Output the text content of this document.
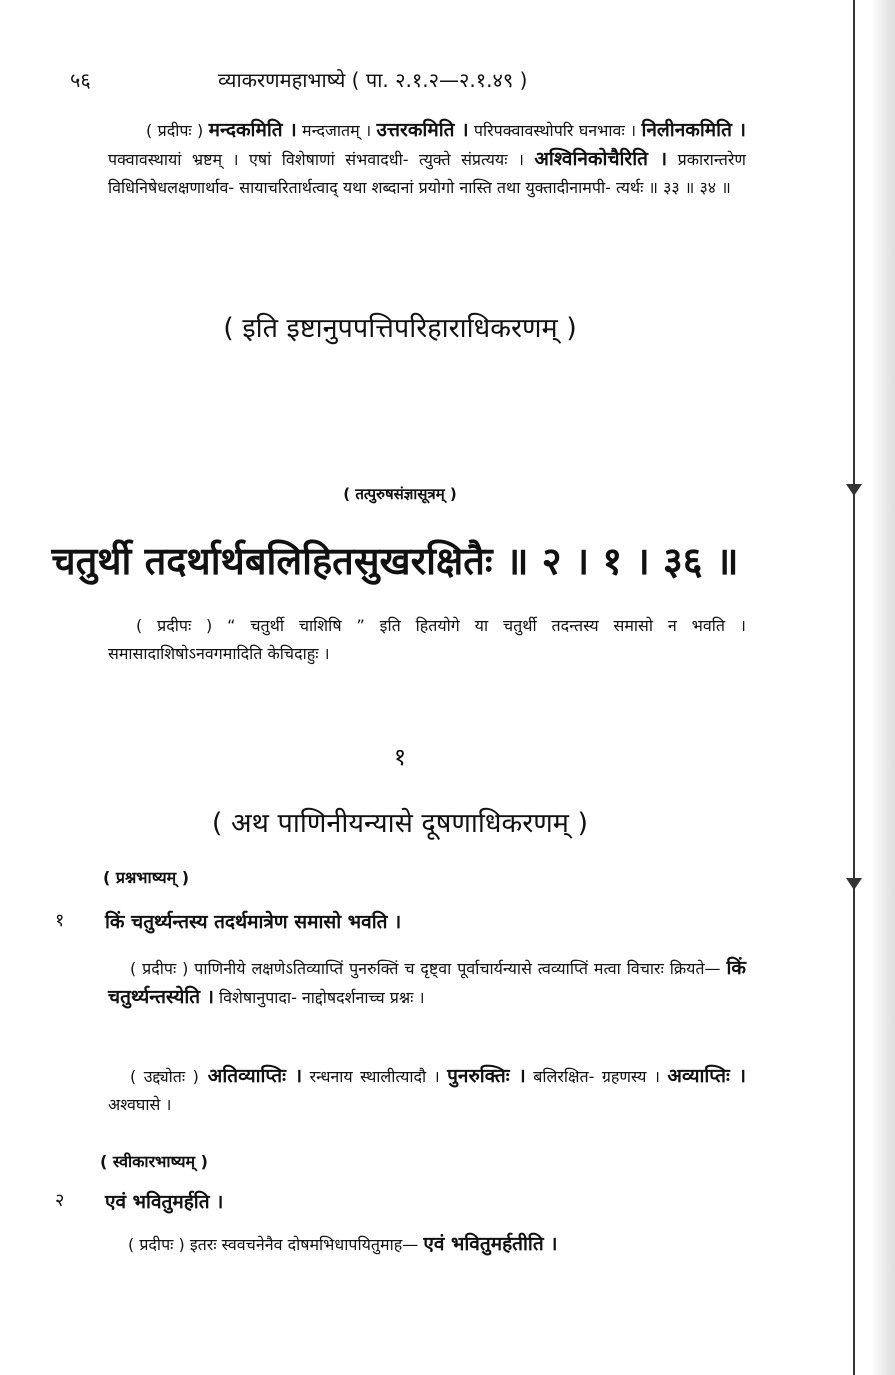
५६	व्याकरणमहाभाष्ये ( पा. २.१.२—२.१.४९ )
( प्रदीपः ) मन्दकमिति । मन्दजातम् । उत्तरकमिति । परिपक्वावस्थोपरि घनभावः । निलीनकमिति । पक्वावस्थायां भ्रष्टम् । एषां विशेषाणां संभवादधी- त्युक्ते संप्रत्ययः । अश्विनिकोचैरिति । प्रकारान्तरेण विधिनिषेधलक्षणार्थाव- सायाचरितार्थत्वाद् यथा शब्दानां प्रयोगो नास्ति तथा युक्तादीनामपी- त्यर्थः ॥ ३३ ॥ ३४ ॥
( इति इष्टानुपपत्तिपरिहाराधिकरणम् )
( तत्पुरुषसंज्ञासूत्रम् )
चतुर्थी तदर्थार्थबलिहितसुखरक्षितैः ॥ २ । १ । ३६ ॥
( प्रदीपः ) “ चतुर्थी चाशिषि ” इति हितयोगे या चतुर्थी तदन्तस्य समासो न भवति । समासादाशिषोऽनवगमादिति केचिदाहुः ।
१
( अथ पाणिनीयन्यासे दूषणाधिकरणम् )
( प्रश्नभाष्यम् )
१ किं चतुर्थ्यन्तस्य तदर्थमात्रेण समासो भवति ।
( प्रदीपः ) पाणिनीये लक्षणेऽतिव्याप्तिं पुनरुक्तिं च दृष्ट्वा पूर्वाचार्यन्यासे त्वव्याप्तिं मत्वा विचारः क्रियते— किं चतुर्थ्यन्तस्येति । विशेषानुपादा- नाद्दोषदर्शनाच्च प्रश्नः ।
( उद्द्योतः ) अतिव्याप्तिः । रन्धनाय स्थालीत्यादौ । पुनरुक्तिः । बलिरक्षित- ग्रहणस्य । अव्याप्तिः । अश्वघासे ।
( स्वीकारभाष्यम् )
२ एवं भवितुमर्हति ।
( प्रदीपः ) इतरः स्ववचनेनैव दोषमभिधापयितुमाह— एवं भवितुमर्हतीति ।
